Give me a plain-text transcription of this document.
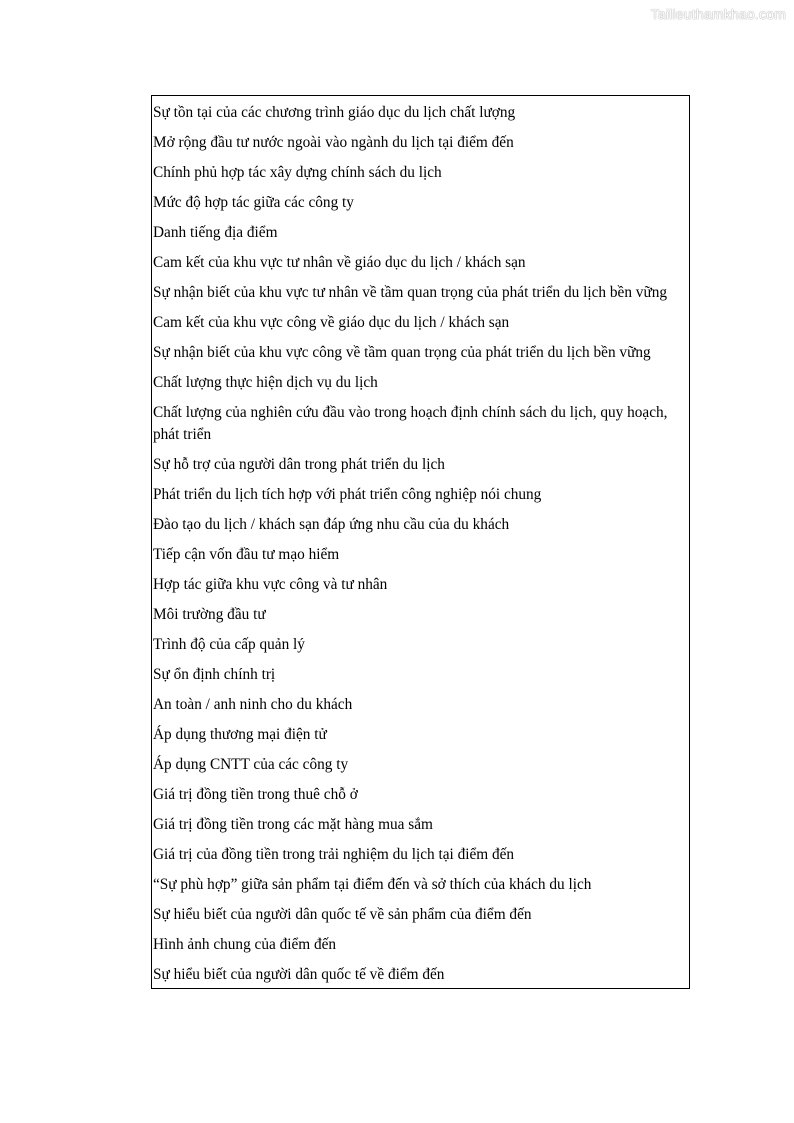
Tailieuthamkhao.com
Sự tồn tại của các chương trình giáo dục du lịch chất lượng
Mở rộng đầu tư nước ngoài vào ngành du lịch tại điểm đến
Chính phủ hợp tác xây dựng chính sách du lịch
Mức độ hợp tác giữa các công ty
Danh tiếng địa điểm
Cam kết của khu vực tư nhân về giáo dục du lịch / khách sạn
Sự nhận biết của khu vực tư nhân về tầm quan trọng của phát triển du lịch bền vững
Cam kết của khu vực công về giáo dục du lịch / khách sạn
Sự nhận biết của khu vực công về tầm quan trọng của phát triển du lịch bền vững
Chất lượng thực hiện dịch vụ du lịch
Chất lượng của nghiên cứu đầu vào trong hoạch định chính sách du lịch, quy hoạch, phát triển
Sự hỗ trợ của người dân trong phát triển du lịch
Phát triển du lịch tích hợp với phát triển công nghiệp nói chung
Đào tạo du lịch / khách sạn đáp ứng nhu cầu của du khách
Tiếp cận vốn đầu tư mạo hiểm
Hợp tác giữa khu vực công và tư nhân
Môi trường đầu tư
Trình độ của cấp quản lý
Sự ổn định chính trị
An toàn / anh ninh cho du khách
Áp dụng thương mại điện tử
Áp dụng CNTT của các công ty
Giá trị đồng tiền trong thuê chỗ ở
Giá trị đồng tiền trong các mặt hàng mua sắm
Giá trị của đồng tiền trong trải nghiệm du lịch tại điểm đến
“Sự phù hợp” giữa sản phẩm tại điểm đến và sở thích của khách du lịch
Sự hiểu biết của người dân quốc tế về sản phẩm của điểm đến
Hình ảnh chung của điểm đến
Sự hiểu biết của người dân quốc tế về điểm đến
